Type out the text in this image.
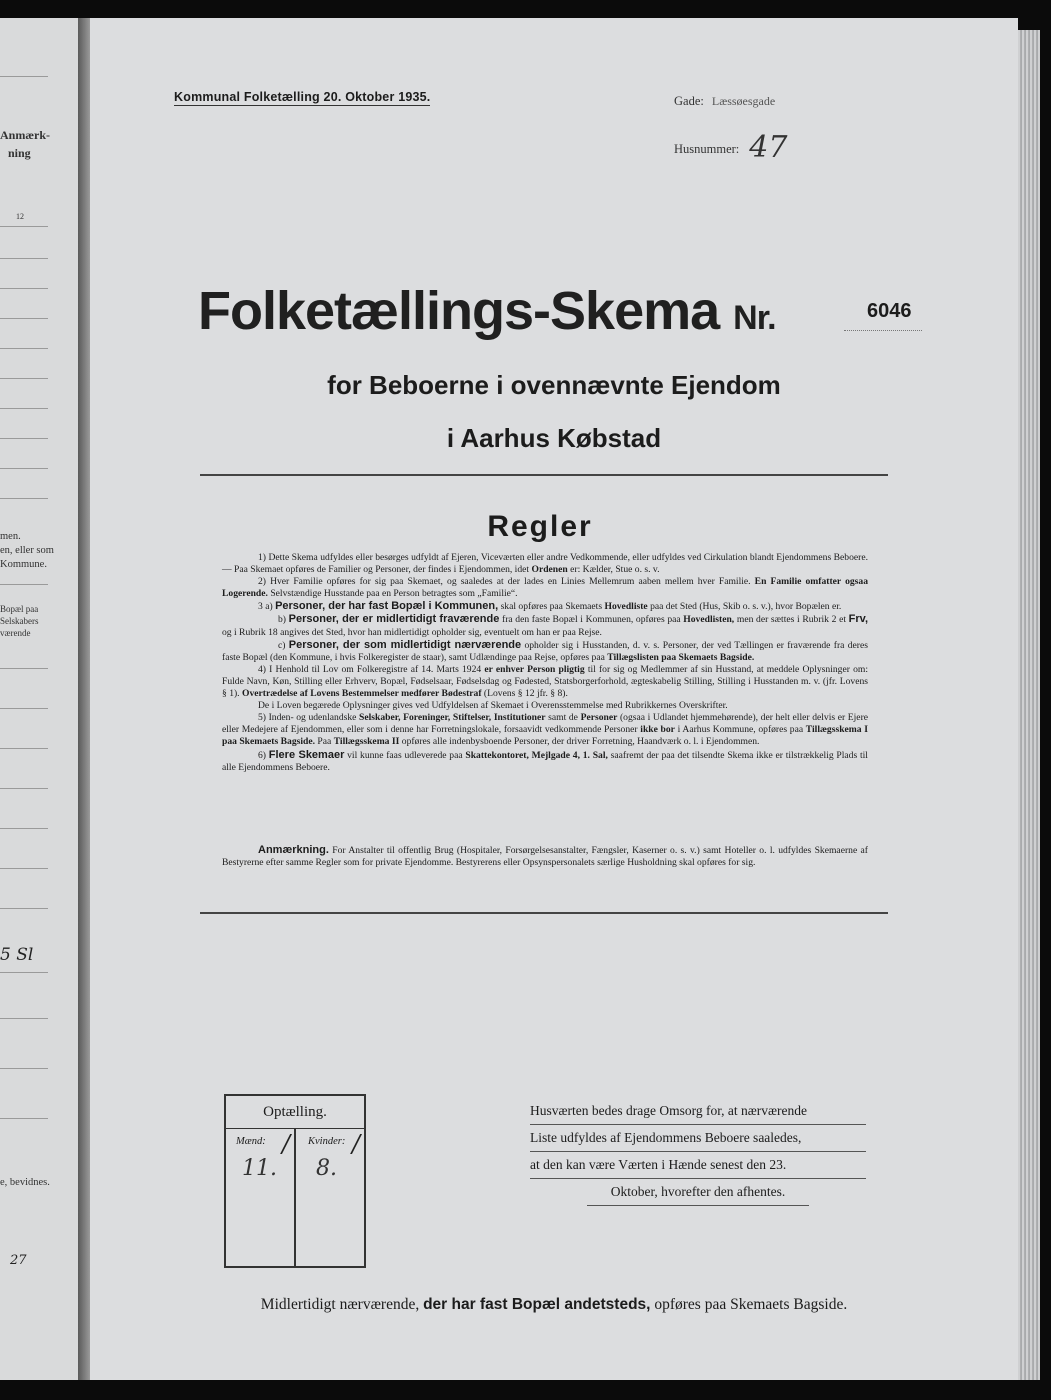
Anmærk-
ning
12
men.
en, eller som
Kommune.
Bopæl paa
Selskabers
værende
5 Sl
e, bevidnes.
27
Kommunal Folketælling 20. Oktober 1935.	Gade: Læssøesgade
Husnummer: 47
Folketællings-Skema Nr.	6046
for Beboerne i ovennævnte Ejendom
i Aarhus Købstad
Regler

1) Dette Skema udfyldes eller besørges udfyldt af Ejeren, Viceværten eller andre Vedkommende, eller udfyldes ved Cirkulation blandt Ejendommens Beboere. — Paa Skemaet opføres de Familier og Personer, der findes i Ejendommen, idet Ordenen er: Kælder, Stue o. s. v.

2) Hver Familie opføres for sig paa Skemaet, og saaledes at der lades en Linies Mellemrum aaben mellem hver Familie. En Familie omfatter ogsaa Logerende. Selvstændige Husstande paa en Person betragtes som „Familie“.

3 a) Personer, der har fast Bopæl i Kommunen, skal opføres paa Skemaets Hovedliste paa det Sted (Hus, Skib o. s. v.), hvor Bopælen er.

b) Personer, der er midlertidigt fraværende fra den faste Bopæl i Kommunen, opføres paa Hovedlisten, men der sættes i Rubrik 2 et Frv, og i Rubrik 18 angives det Sted, hvor han midlertidigt opholder sig, eventuelt om han er paa Rejse.

c) Personer, der som midlertidigt nærværende opholder sig i Husstanden, d. v. s. Personer, der ved Tællingen er fraværende fra deres faste Bopæl (den Kommune, i hvis Folkeregister de staar), samt Udlændinge paa Rejse, opføres paa Tillægslisten paa Skemaets Bagside.

4) I Henhold til Lov om Folkeregistre af 14. Marts 1924 er enhver Person pligtig til for sig og Medlemmer af sin Husstand, at meddele Oplysninger om: Fulde Navn, Køn, Stilling eller Erhverv, Bopæl, Fødselsaar, Fødselsdag og Fødested, Statsborgerforhold, ægteskabelig Stilling, Stilling i Husstanden m. v. (jfr. Lovens § 1). Overtrædelse af Lovens Bestemmelser medfører Bødestraf (Lovens § 12 jfr. § 8).

De i Loven begærede Oplysninger gives ved Udfyldelsen af Skemaet i Overensstemmelse med Rubrikkernes Overskrifter.

5) Inden- og udenlandske Selskaber, Foreninger, Stiftelser, Institutioner samt de Personer (ogsaa i Udlandet hjemmehørende), der helt eller delvis er Ejere eller Medejere af Ejendommen, eller som i denne har Forretningslokale, forsaavidt vedkommende Personer ikke bor i Aarhus Kommune, opføres paa Tillægsskema I paa Skemaets Bagside. Paa Tillægsskema II opføres alle indenbysboende Personer, der driver Forretning, Haandværk o. l. i Ejendommen.

6) Flere Skemaer vil kunne faas udleverede paa Skattekontoret, Mejlgade 4, 1. Sal, saafremt der paa det tilsendte Skema ikke er tilstrækkelig Plads til alle Ejendommens Beboere.

Anmærkning. For Anstalter til offentlig Brug (Hospitaler, Forsørgelsesanstalter, Fængsler, Kaserner o. s. v.) samt Hoteller o. l. udfyldes Skemaerne af Bestyrerne efter samme Regler som for private Ejendomme. Bestyrerens eller Opsynspersonalets særlige Husholdning skal opføres for sig.
Optælling.
Mænd: / Kvinder: /
11. 8.
Husværten bedes drage Omsorg for, at nærværende
Liste udfyldes af Ejendommens Beboere saaledes,
at den kan være Værten i Hænde senest den 23.
Oktober, hvorefter den afhentes.
Midlertidigt nærværende, der har fast Bopæl andetsteds, opføres paa Skemaets Bagside.
